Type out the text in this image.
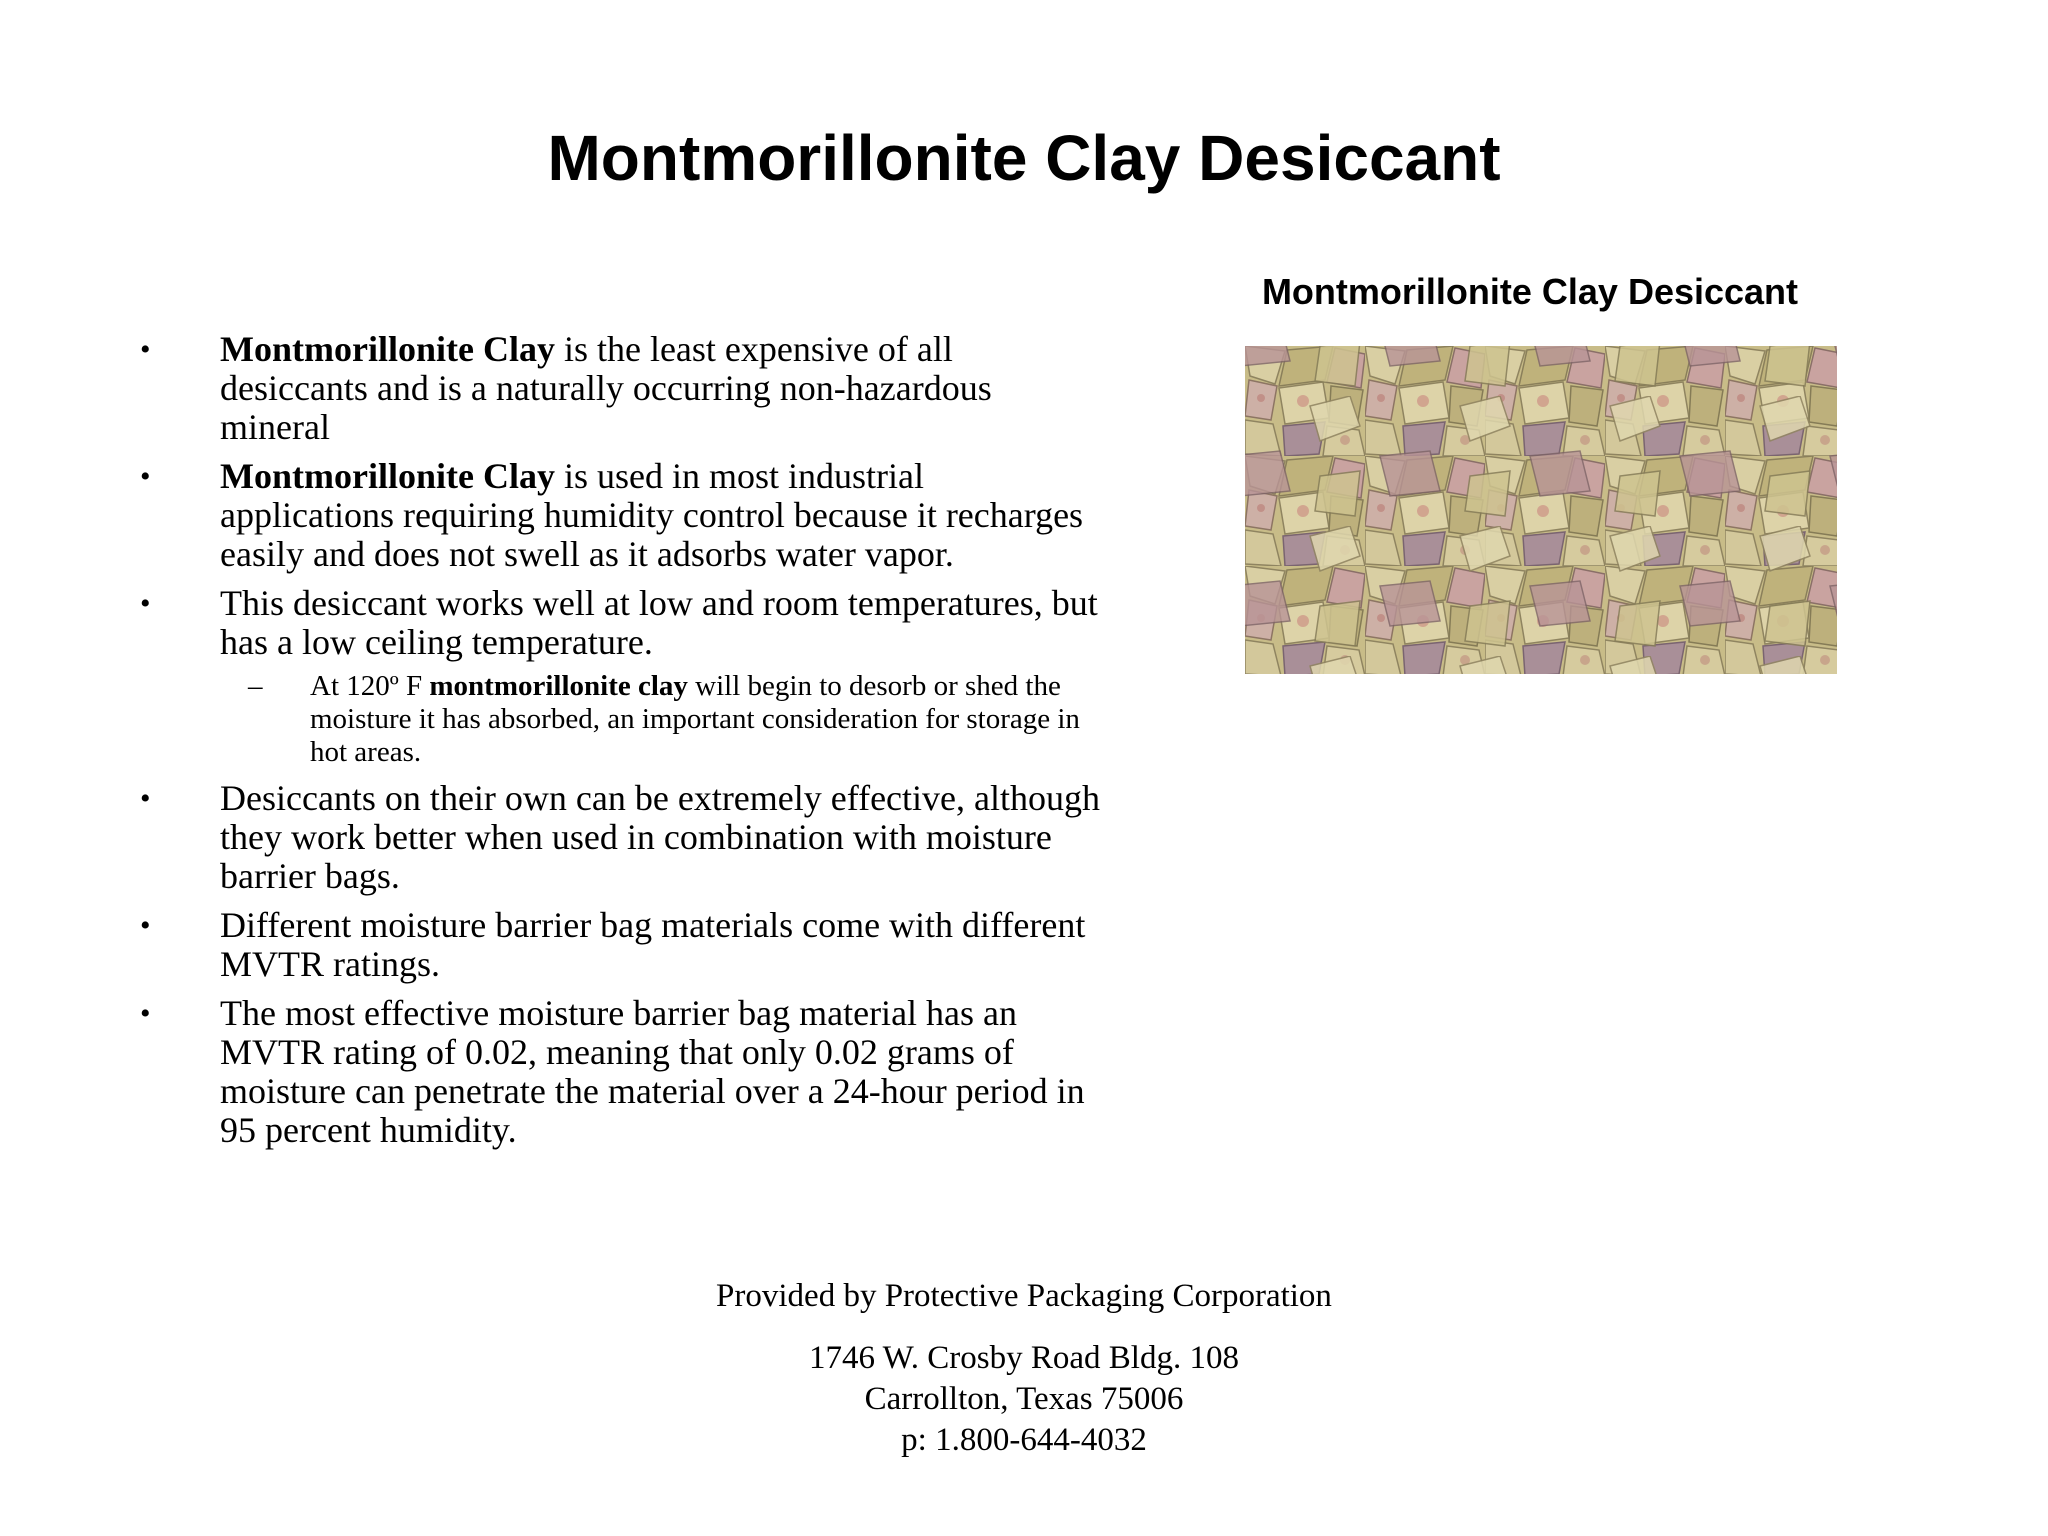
Montmorillonite Clay Desiccant
Montmorillonite Clay Desiccant
•	Montmorillonite Clay is the least expensive of all desiccants and is a naturally occurring non-hazardous mineral
•	Montmorillonite Clay is used in most industrial applications requiring humidity control because it recharges easily and does not swell as it adsorbs water vapor.
•	This desiccant works well at low and room temperatures, but has a low ceiling temperature.
– At 120º F montmorillonite clay will begin to desorb or shed the moisture it has absorbed, an important consideration for storage in hot areas.
•	Desiccants on their own can be extremely effective, although they work better when used in combination with moisture barrier bags.
•	Different moisture barrier bag materials come with different MVTR ratings.
•	The most effective moisture barrier bag material has an MVTR rating of 0.02, meaning that only 0.02 grams of moisture can penetrate the material over a 24-hour period in 95 percent humidity.
Provided by Protective Packaging Corporation
1746 W. Crosby Road Bldg. 108
Carrollton, Texas 75006
p: 1.800-644-4032
